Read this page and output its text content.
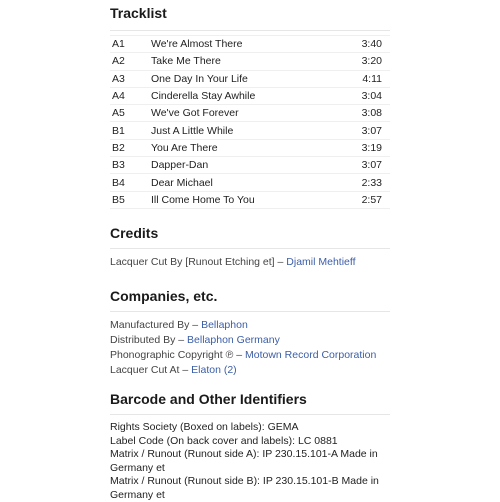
Tracklist
A1	We're Almost There	3:40
A2	Take Me There	3:20
A3	One Day In Your Life	4:11
A4	Cinderella Stay Awhile	3:04
A5	We've Got Forever	3:08
B1	Just A Little While	3:07
B2	You Are There	3:19
B3	Dapper-Dan	3:07
B4	Dear Michael	2:33
B5	Ill Come Home To You	2:57
Credits
Lacquer Cut By [Runout Etching et] – Djamil Mehtieff
Companies, etc.
Manufactured By – Bellaphon
Distributed By – Bellaphon Germany
Phonographic Copyright ℗ – Motown Record Corporation
Lacquer Cut At – Elaton (2)
Barcode and Other Identifiers
Rights Society (Boxed on labels): GEMA
Label Code (On back cover and labels): LC 0881
Matrix / Runout (Runout side A): IP 230.15.101-A Made in Germany et
Matrix / Runout (Runout side B): IP 230.15.101-B Made in Germany et
